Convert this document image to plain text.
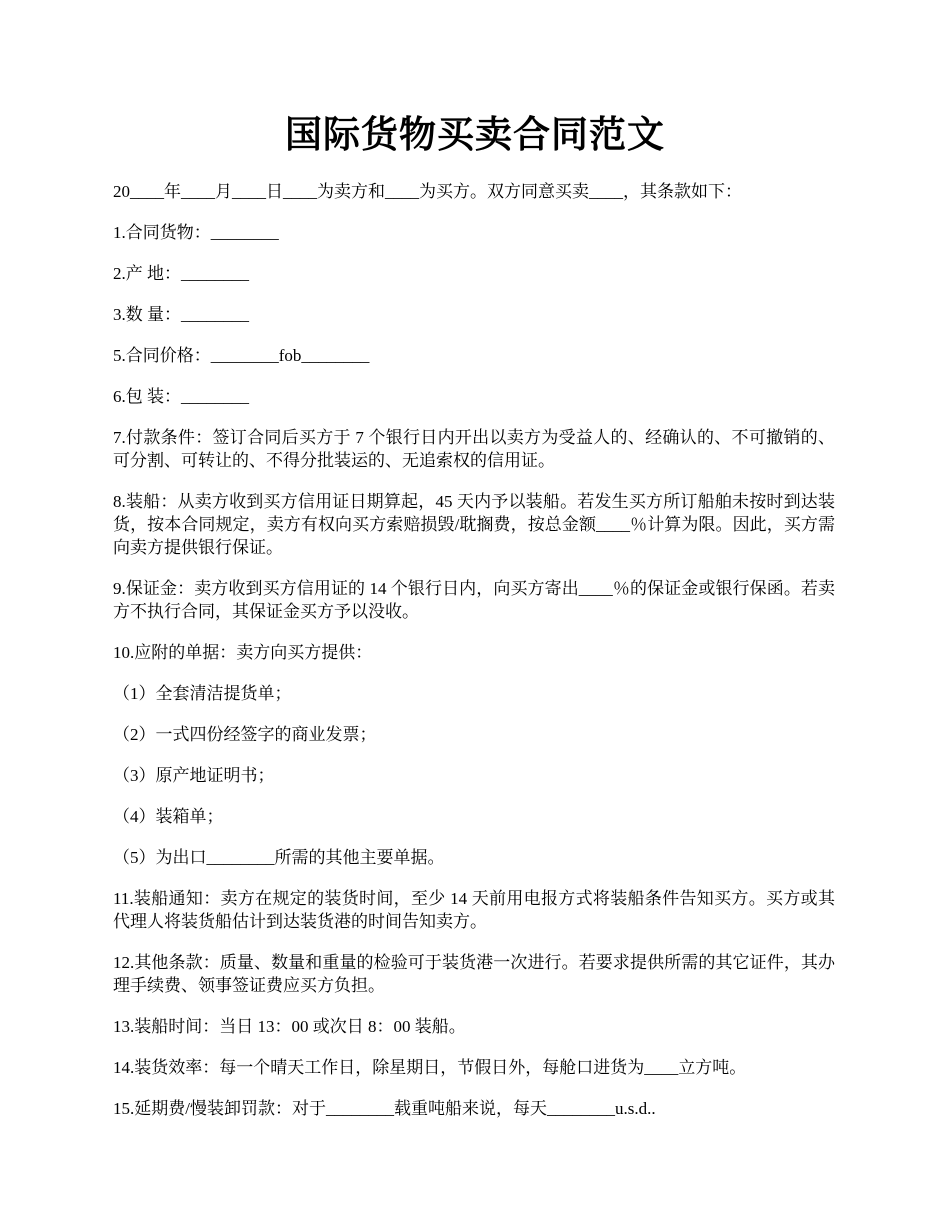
国际货物买卖合同范文

20____年____月____日____为卖方和____为买方。双方同意买卖____，其条款如下：

1.合同货物：________

2.产 地：________

3.数 量：________

5.合同价格：________fob________

6.包 装：________

7.付款条件：签订合同后买方于 7 个银行日内开出以卖方为受益人的、经确认的、不可撤销的、可分割、可转让的、不得分批装运的、无追索权的信用证。

8.装船：从卖方收到买方信用证日期算起，45 天内予以装船。若发生买方所订船舶未按时到达装货，按本合同规定，卖方有权向买方索赔损毁/耽搁费，按总金额____％计算为限。因此，买方需向卖方提供银行保证。

9.保证金：卖方收到买方信用证的 14 个银行日内，向买方寄出____％的保证金或银行保函。若卖方不执行合同，其保证金买方予以没收。

10.应附的单据：卖方向买方提供：

（1）全套清洁提货单；

（2）一式四份经签字的商业发票；

（3）原产地证明书；

（4）装箱单；

（5）为出口________所需的其他主要单据。

11.装船通知：卖方在规定的装货时间，至少 14 天前用电报方式将装船条件告知买方。买方或其代理人将装货船估计到达装货港的时间告知卖方。

12.其他条款：质量、数量和重量的检验可于装货港一次进行。若要求提供所需的其它证件，其办理手续费、领事签证费应买方负担。

13.装船时间：当日 13：00 或次日 8：00 装船。

14.装货效率：每一个晴天工作日，除星期日，节假日外，每舱口进货为____立方吨。

15.延期费/慢装卸罚款：对于________载重吨船来说，每天________u.s.d..
